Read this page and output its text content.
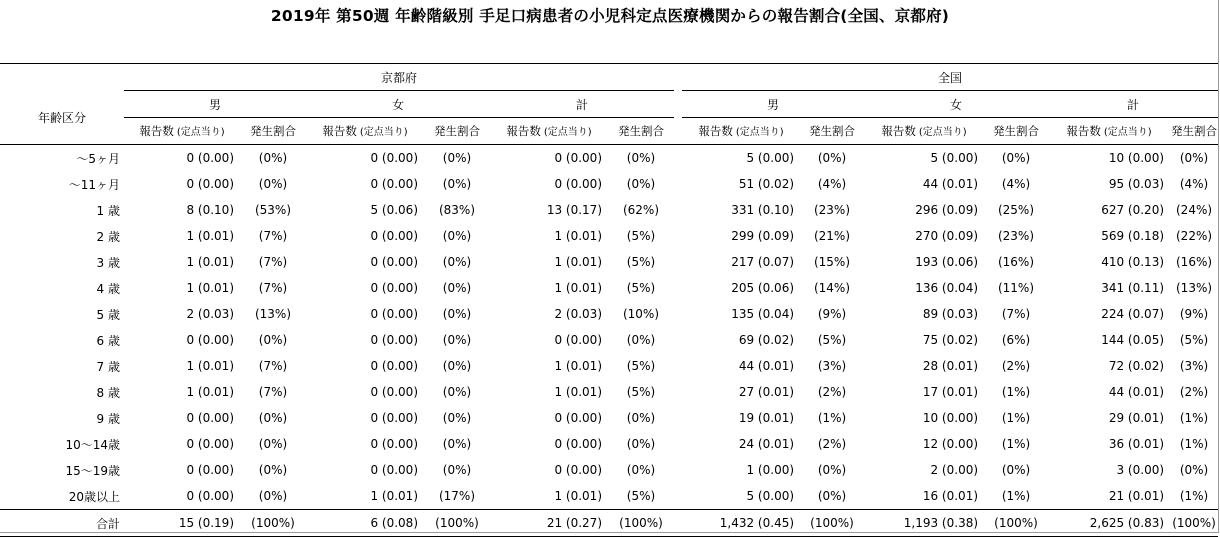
2019年 第50週 年齢階級別 手足口病患者の小児科定点医療機関からの報告割合(全国、京都府)
	京都府							全国					
年齢区分	男		女		計			男		女		計	
	報告数 (定点当り)	発生割合	報告数 (定点当り)	発生割合	報告数 (定点当り)	発生割合		報告数 (定点当り)	発生割合	報告数 (定点当り)	発生割合	報告数 (定点当り)	発生割合
～5ヶ月	0 (0.00)	(0%)	0 (0.00)	(0%)	0 (0.00)	(0%)		5 (0.00)	(0%)	5 (0.00)	(0%)	10 (0.00)	(0%)
～11ヶ月	0 (0.00)	(0%)	0 (0.00)	(0%)	0 (0.00)	(0%)		51 (0.02)	(4%)	44 (0.01)	(4%)	95 (0.03)	(4%)
1 歳	8 (0.10)	(53%)	5 (0.06)	(83%)	13 (0.17)	(62%)		331 (0.10)	(23%)	296 (0.09)	(25%)	627 (0.20)	(24%)
2 歳	1 (0.01)	(7%)	0 (0.00)	(0%)	1 (0.01)	(5%)		299 (0.09)	(21%)	270 (0.09)	(23%)	569 (0.18)	(22%)
3 歳	1 (0.01)	(7%)	0 (0.00)	(0%)	1 (0.01)	(5%)		217 (0.07)	(15%)	193 (0.06)	(16%)	410 (0.13)	(16%)
4 歳	1 (0.01)	(7%)	0 (0.00)	(0%)	1 (0.01)	(5%)		205 (0.06)	(14%)	136 (0.04)	(11%)	341 (0.11)	(13%)
5 歳	2 (0.03)	(13%)	0 (0.00)	(0%)	2 (0.03)	(10%)		135 (0.04)	(9%)	89 (0.03)	(7%)	224 (0.07)	(9%)
6 歳	0 (0.00)	(0%)	0 (0.00)	(0%)	0 (0.00)	(0%)		69 (0.02)	(5%)	75 (0.02)	(6%)	144 (0.05)	(5%)
7 歳	1 (0.01)	(7%)	0 (0.00)	(0%)	1 (0.01)	(5%)		44 (0.01)	(3%)	28 (0.01)	(2%)	72 (0.02)	(3%)
8 歳	1 (0.01)	(7%)	0 (0.00)	(0%)	1 (0.01)	(5%)		27 (0.01)	(2%)	17 (0.01)	(1%)	44 (0.01)	(2%)
9 歳	0 (0.00)	(0%)	0 (0.00)	(0%)	0 (0.00)	(0%)		19 (0.01)	(1%)	10 (0.00)	(1%)	29 (0.01)	(1%)
10～14歳	0 (0.00)	(0%)	0 (0.00)	(0%)	0 (0.00)	(0%)		24 (0.01)	(2%)	12 (0.00)	(1%)	36 (0.01)	(1%)
15～19歳	0 (0.00)	(0%)	0 (0.00)	(0%)	0 (0.00)	(0%)		1 (0.00)	(0%)	2 (0.00)	(0%)	3 (0.00)	(0%)
20歳以上	0 (0.00)	(0%)	1 (0.01)	(17%)	1 (0.01)	(5%)		5 (0.00)	(0%)	16 (0.01)	(1%)	21 (0.01)	(1%)
合計	15 (0.19)	(100%)	6 (0.08)	(100%)	21 (0.27)	(100%)		1,432 (0.45)	(100%)	1,193 (0.38)	(100%)	2,625 (0.83)	(100%)
